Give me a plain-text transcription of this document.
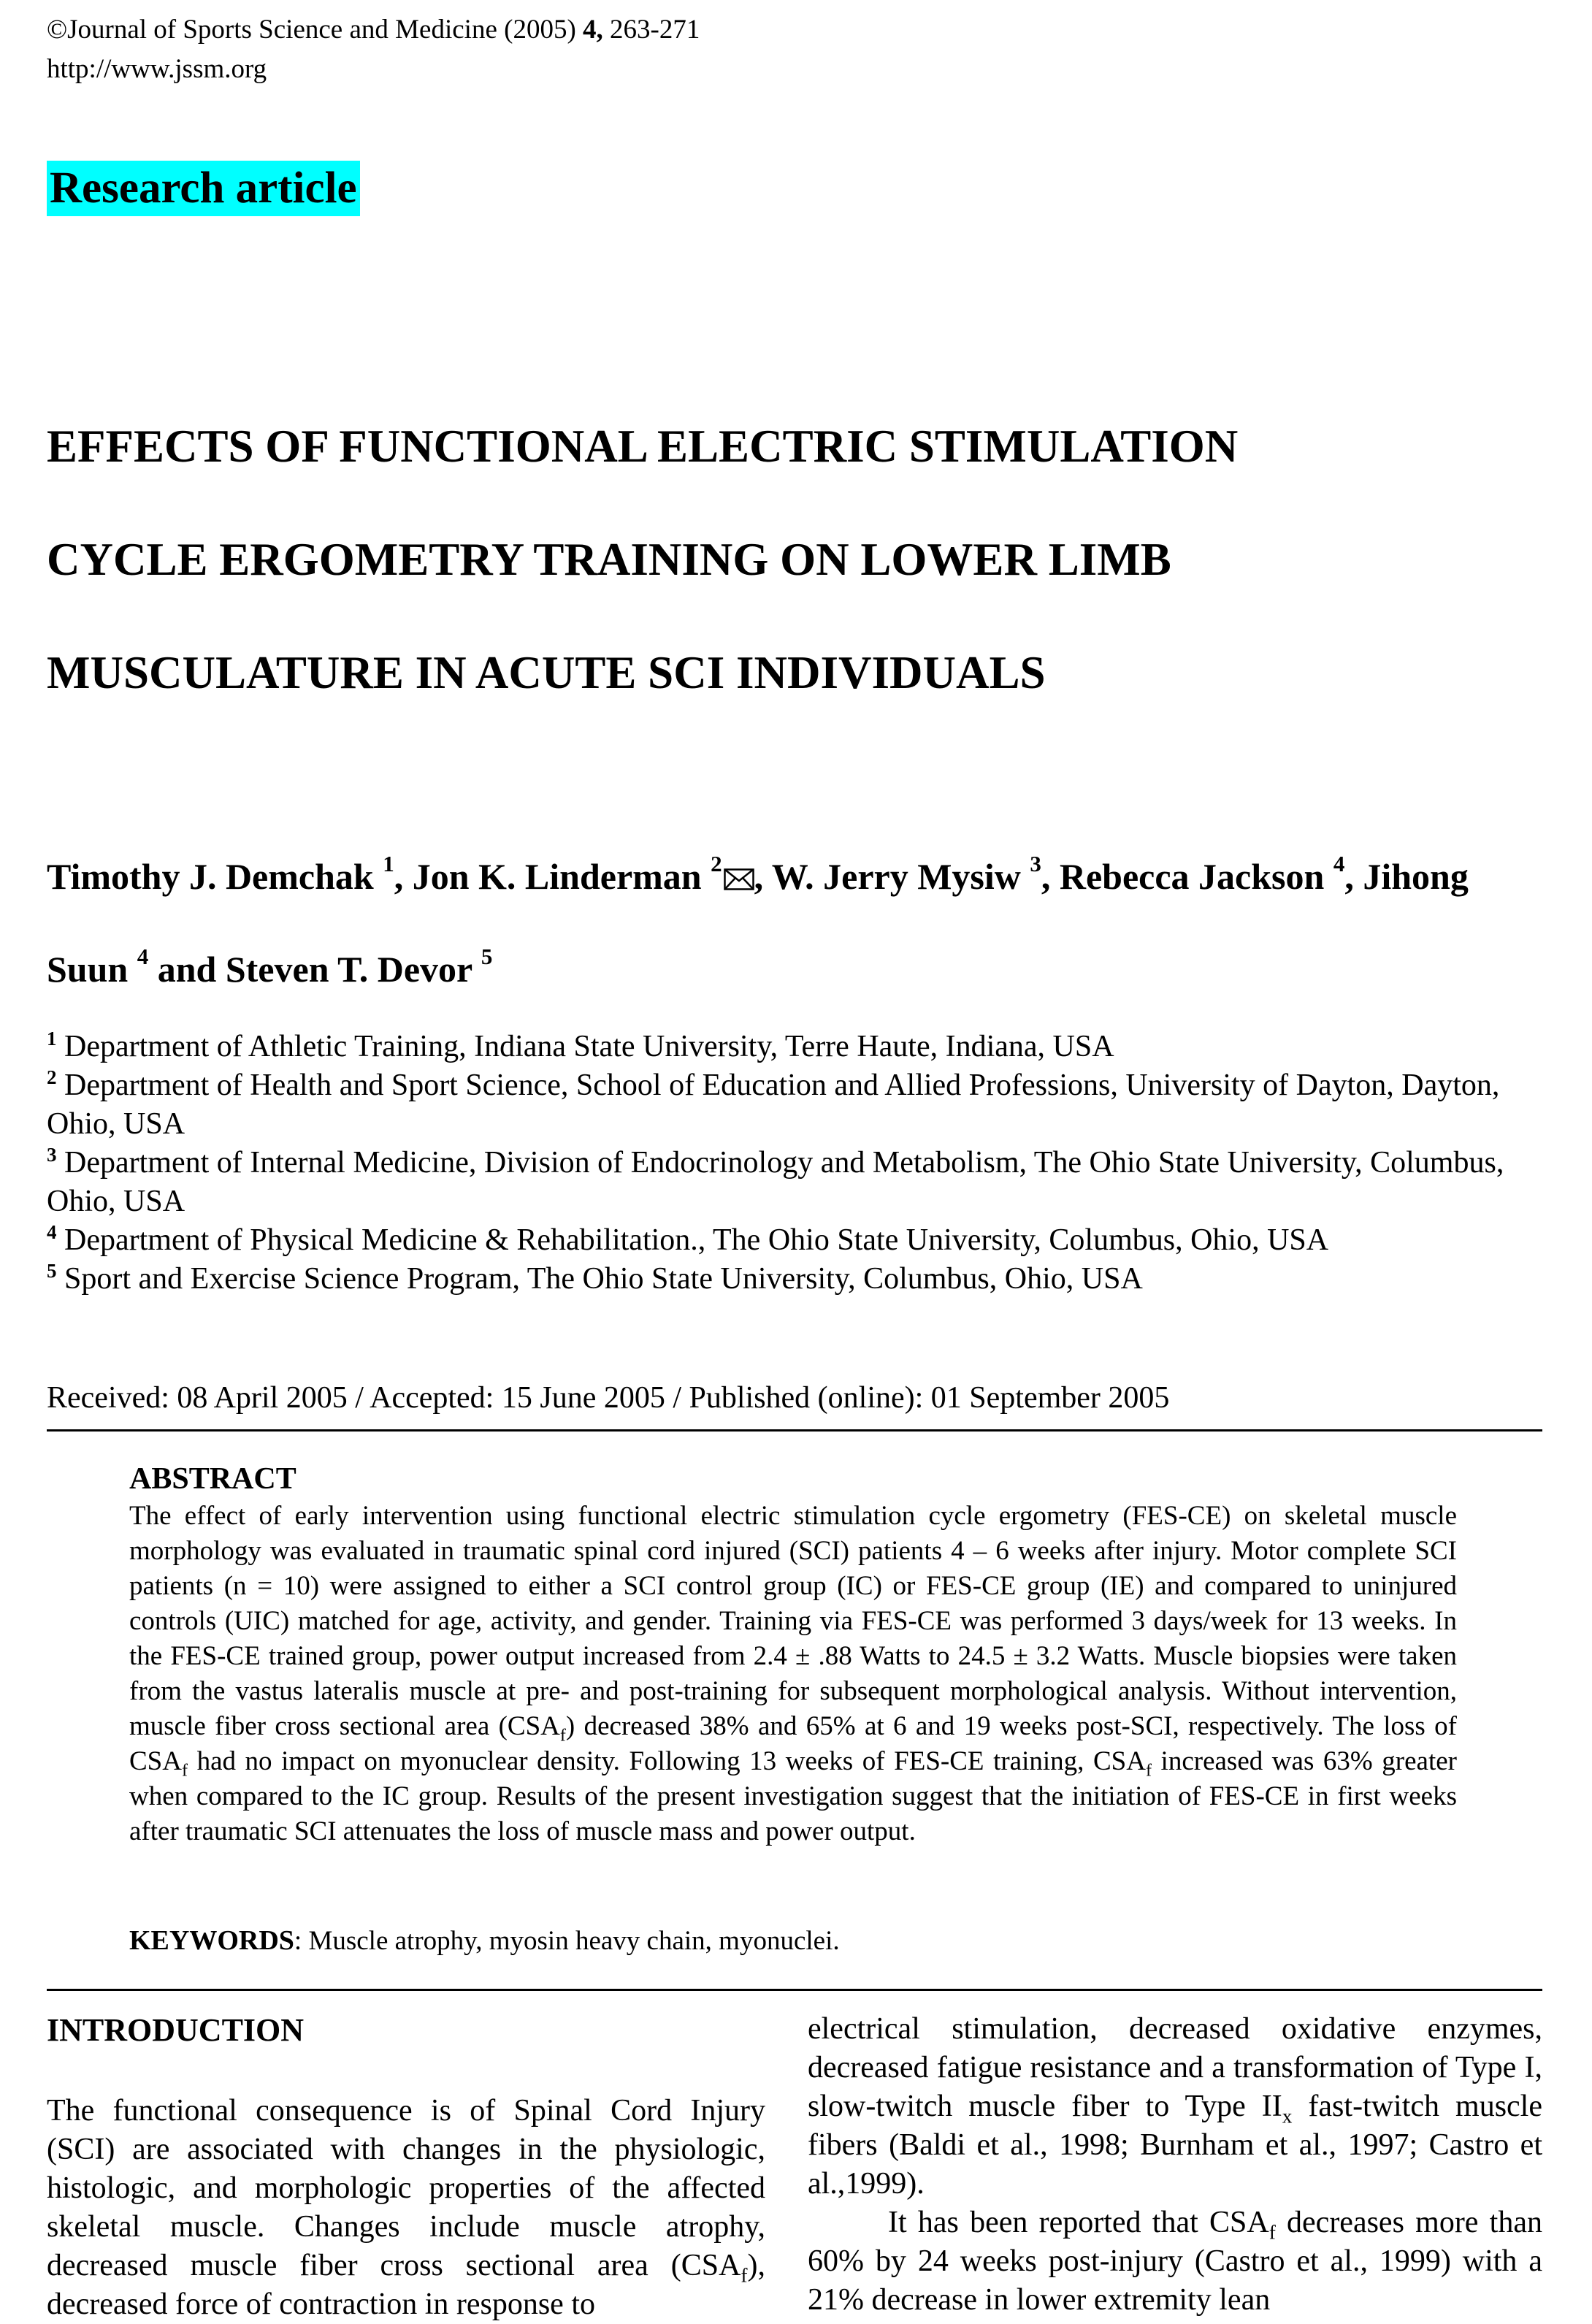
©Journal of Sports Science and Medicine (2005) 4, 263-271
http://www.jssm.org
Research article
EFFECTS OF FUNCTIONAL ELECTRIC STIMULATION
CYCLE ERGOMETRY TRAINING ON LOWER LIMB
MUSCULATURE IN ACUTE SCI INDIVIDUALS
Timothy J. Demchak $^1$, Jon K. Linderman $^2$ , W. Jerry Mysiw $^3$, Rebecca Jackson $^4$, Jihong Suun $^4$ and Steven T. Devor $^5$
$^1$ Department of Athletic Training, Indiana State University, Terre Haute, Indiana, USA
$^2$ Department of Health and Sport Science, School of Education and Allied Professions, University of Dayton, Dayton, Ohio, USA
$^3$ Department of Internal Medicine, Division of Endocrinology and Metabolism, The Ohio State University, Columbus, Ohio, USA
$^4$ Department of Physical Medicine & Rehabilitation., The Ohio State University, Columbus, Ohio, USA
$^5$ Sport and Exercise Science Program, The Ohio State University, Columbus, Ohio, USA
Received: 08 April 2005 / Accepted: 15 June 2005 / Published (online): 01 September 2005
ABSTRACT

The effect of early intervention using functional electric stimulation cycle ergometry (FES-CE) on skeletal muscle morphology was evaluated in traumatic spinal cord injured (SCI) patients 4 – 6 weeks after injury. Motor complete SCI patients (n = 10) were assigned to either a SCI control group (IC) or FES-CE group (IE) and compared to uninjured controls (UIC) matched for age, activity, and gender. Training via FES-CE was performed 3 days/week for 13 weeks. In the FES-CE trained group, power output increased from 2.4 ± .88 Watts to 24.5 ± 3.2 Watts. Muscle biopsies were taken from the vastus lateralis muscle at pre- and post-training for subsequent morphological analysis. Without intervention, muscle fiber cross sectional area $(CSA_f)$ decreased 38% and 65% at 6 and 19 weeks post-SCI, respectively. The loss of $CSA_f$ had no impact on myonuclear density. Following 13 weeks of FES-CE training, $CSA_f$ increased was 63% greater when compared to the IC group. Results of the present investigation suggest that the initiation of FES-CE in first weeks after traumatic SCI attenuates the loss of muscle mass and power output.

KEYWORDS: Muscle atrophy, myosin heavy chain, myonuclei.
INTRODUCTION

The functional consequence is of Spinal Cord Injury (SCI) are associated with changes in the physiologic, histologic, and morphologic properties of the affected skeletal muscle. Changes include muscle atrophy, decreased muscle fiber cross sectional area $(CSA_f)$, decreased force of contraction in response to

electrical stimulation, decreased oxidative enzymes, decreased fatigue resistance and a transformation of Type I, slow-twitch muscle fiber to Type $II_x$ fast-twitch muscle fibers (Baldi et al., 1998; Burnham et al., 1997; Castro et al.,1999).

It has been reported that $CSA_f$ decreases more than 60% by 24 weeks post-injury (Castro et al., 1999) with a 21% decrease in lower extremity lean
